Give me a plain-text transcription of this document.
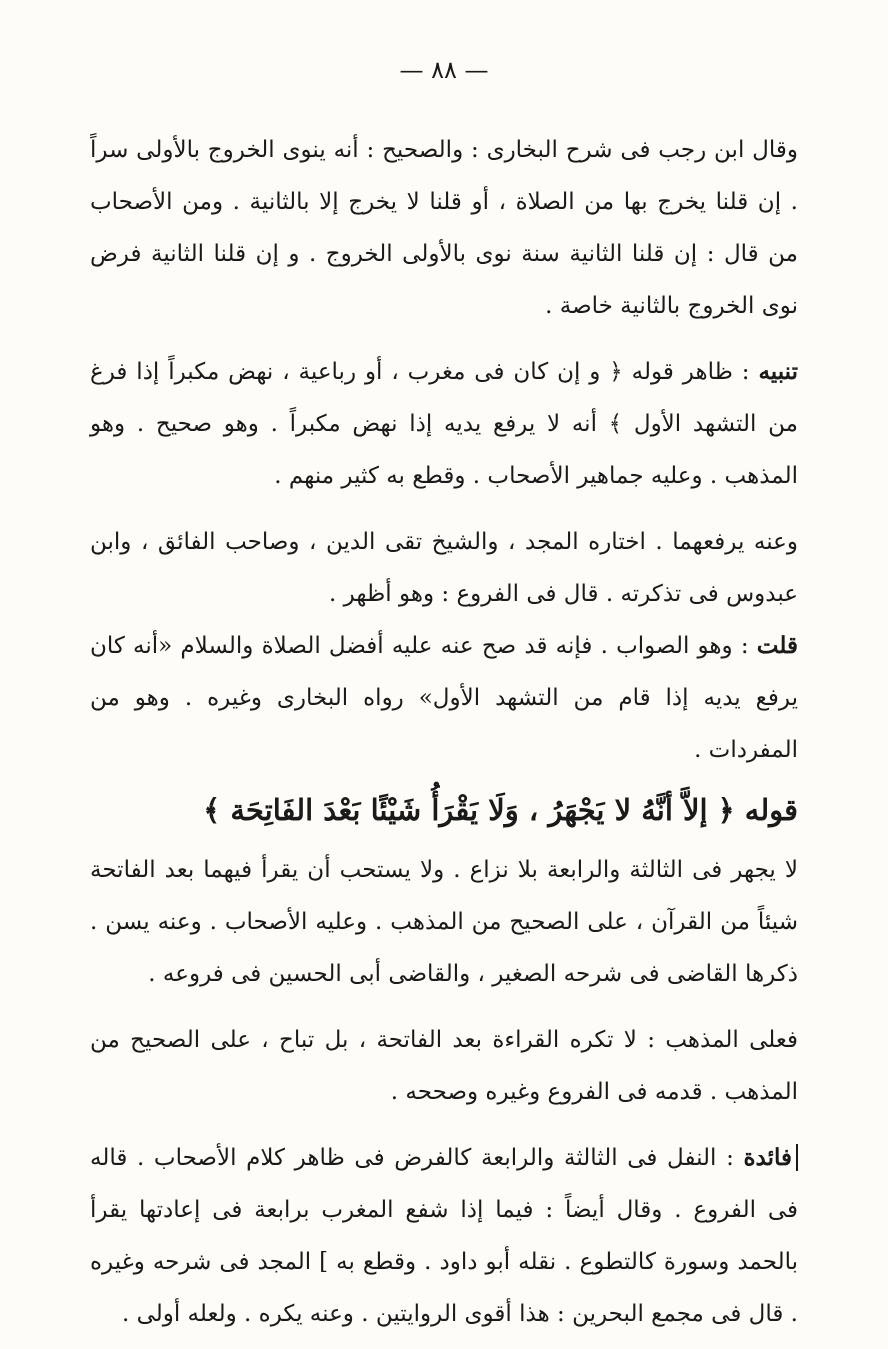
— ٨٨ —

وقال ابن رجب فى شرح البخارى : والصحيح : أنه ينوى الخروج بالأولى سراً . إن قلنا يخرج بها من الصلاة ، أو قلنا لا يخرج إلا بالثانية . ومن الأصحاب من قال : إن قلنا الثانية سنة نوى بالأولى الخروج . و إن قلنا الثانية فرض نوى الخروج بالثانية خاصة .

تنبيه : ظاهر قوله ﴿ و إن كان فى مغرب ، أو رباعية ، نهض مكبراً إذا فرغ من التشهد الأول ﴾ أنه لا يرفع يديه إذا نهض مكبراً . وهو صحيح . وهو المذهب . وعليه جماهير الأصحاب . وقطع به كثير منهم .

وعنه يرفعهما . اختاره المجد ، والشيخ تقى الدين ، وصاحب الفائق ، وابن عبدوس فى تذكرته . قال فى الفروع : وهو أظهر .

قلت : وهو الصواب . فإنه قد صح عنه عليه أفضل الصلاة والسلام «أنه كان يرفع يديه إذا قام من التشهد الأول» رواه البخارى وغيره . وهو من المفردات .

قوله ﴿ إلاَّ أنَّهُ لا يَجْهَرُ ، وَلَا يَقْرَأُ شَيْئًا بَعْدَ الفَاتِحَة ﴾

لا يجهر فى الثالثة والرابعة بلا نزاع . ولا يستحب أن يقرأ فيهما بعد الفاتحة شيئاً من القرآن ، على الصحيح من المذهب . وعليه الأصحاب . وعنه يسن . ذكرها القاضى فى شرحه الصغير ، والقاضى أبى الحسين فى فروعه .

فعلى المذهب : لا تكره القراءة بعد الفاتحة ، بل تباح ، على الصحيح من المذهب . قدمه فى الفروع وغيره وصححه .

فائدة : النفل فى الثالثة والرابعة كالفرض فى ظاهر كلام الأصحاب . قاله فى الفروع . وقال أيضاً : فيما إذا شفع المغرب برابعة فى إعادتها يقرأ بالحمد وسورة كالتطوع . نقله أبو داود . وقطع به ] المجد فى شرحه وغيره . قال فى مجمع البحرين : هذا أقوى الروايتين . وعنه يكره . ولعله أولى .
